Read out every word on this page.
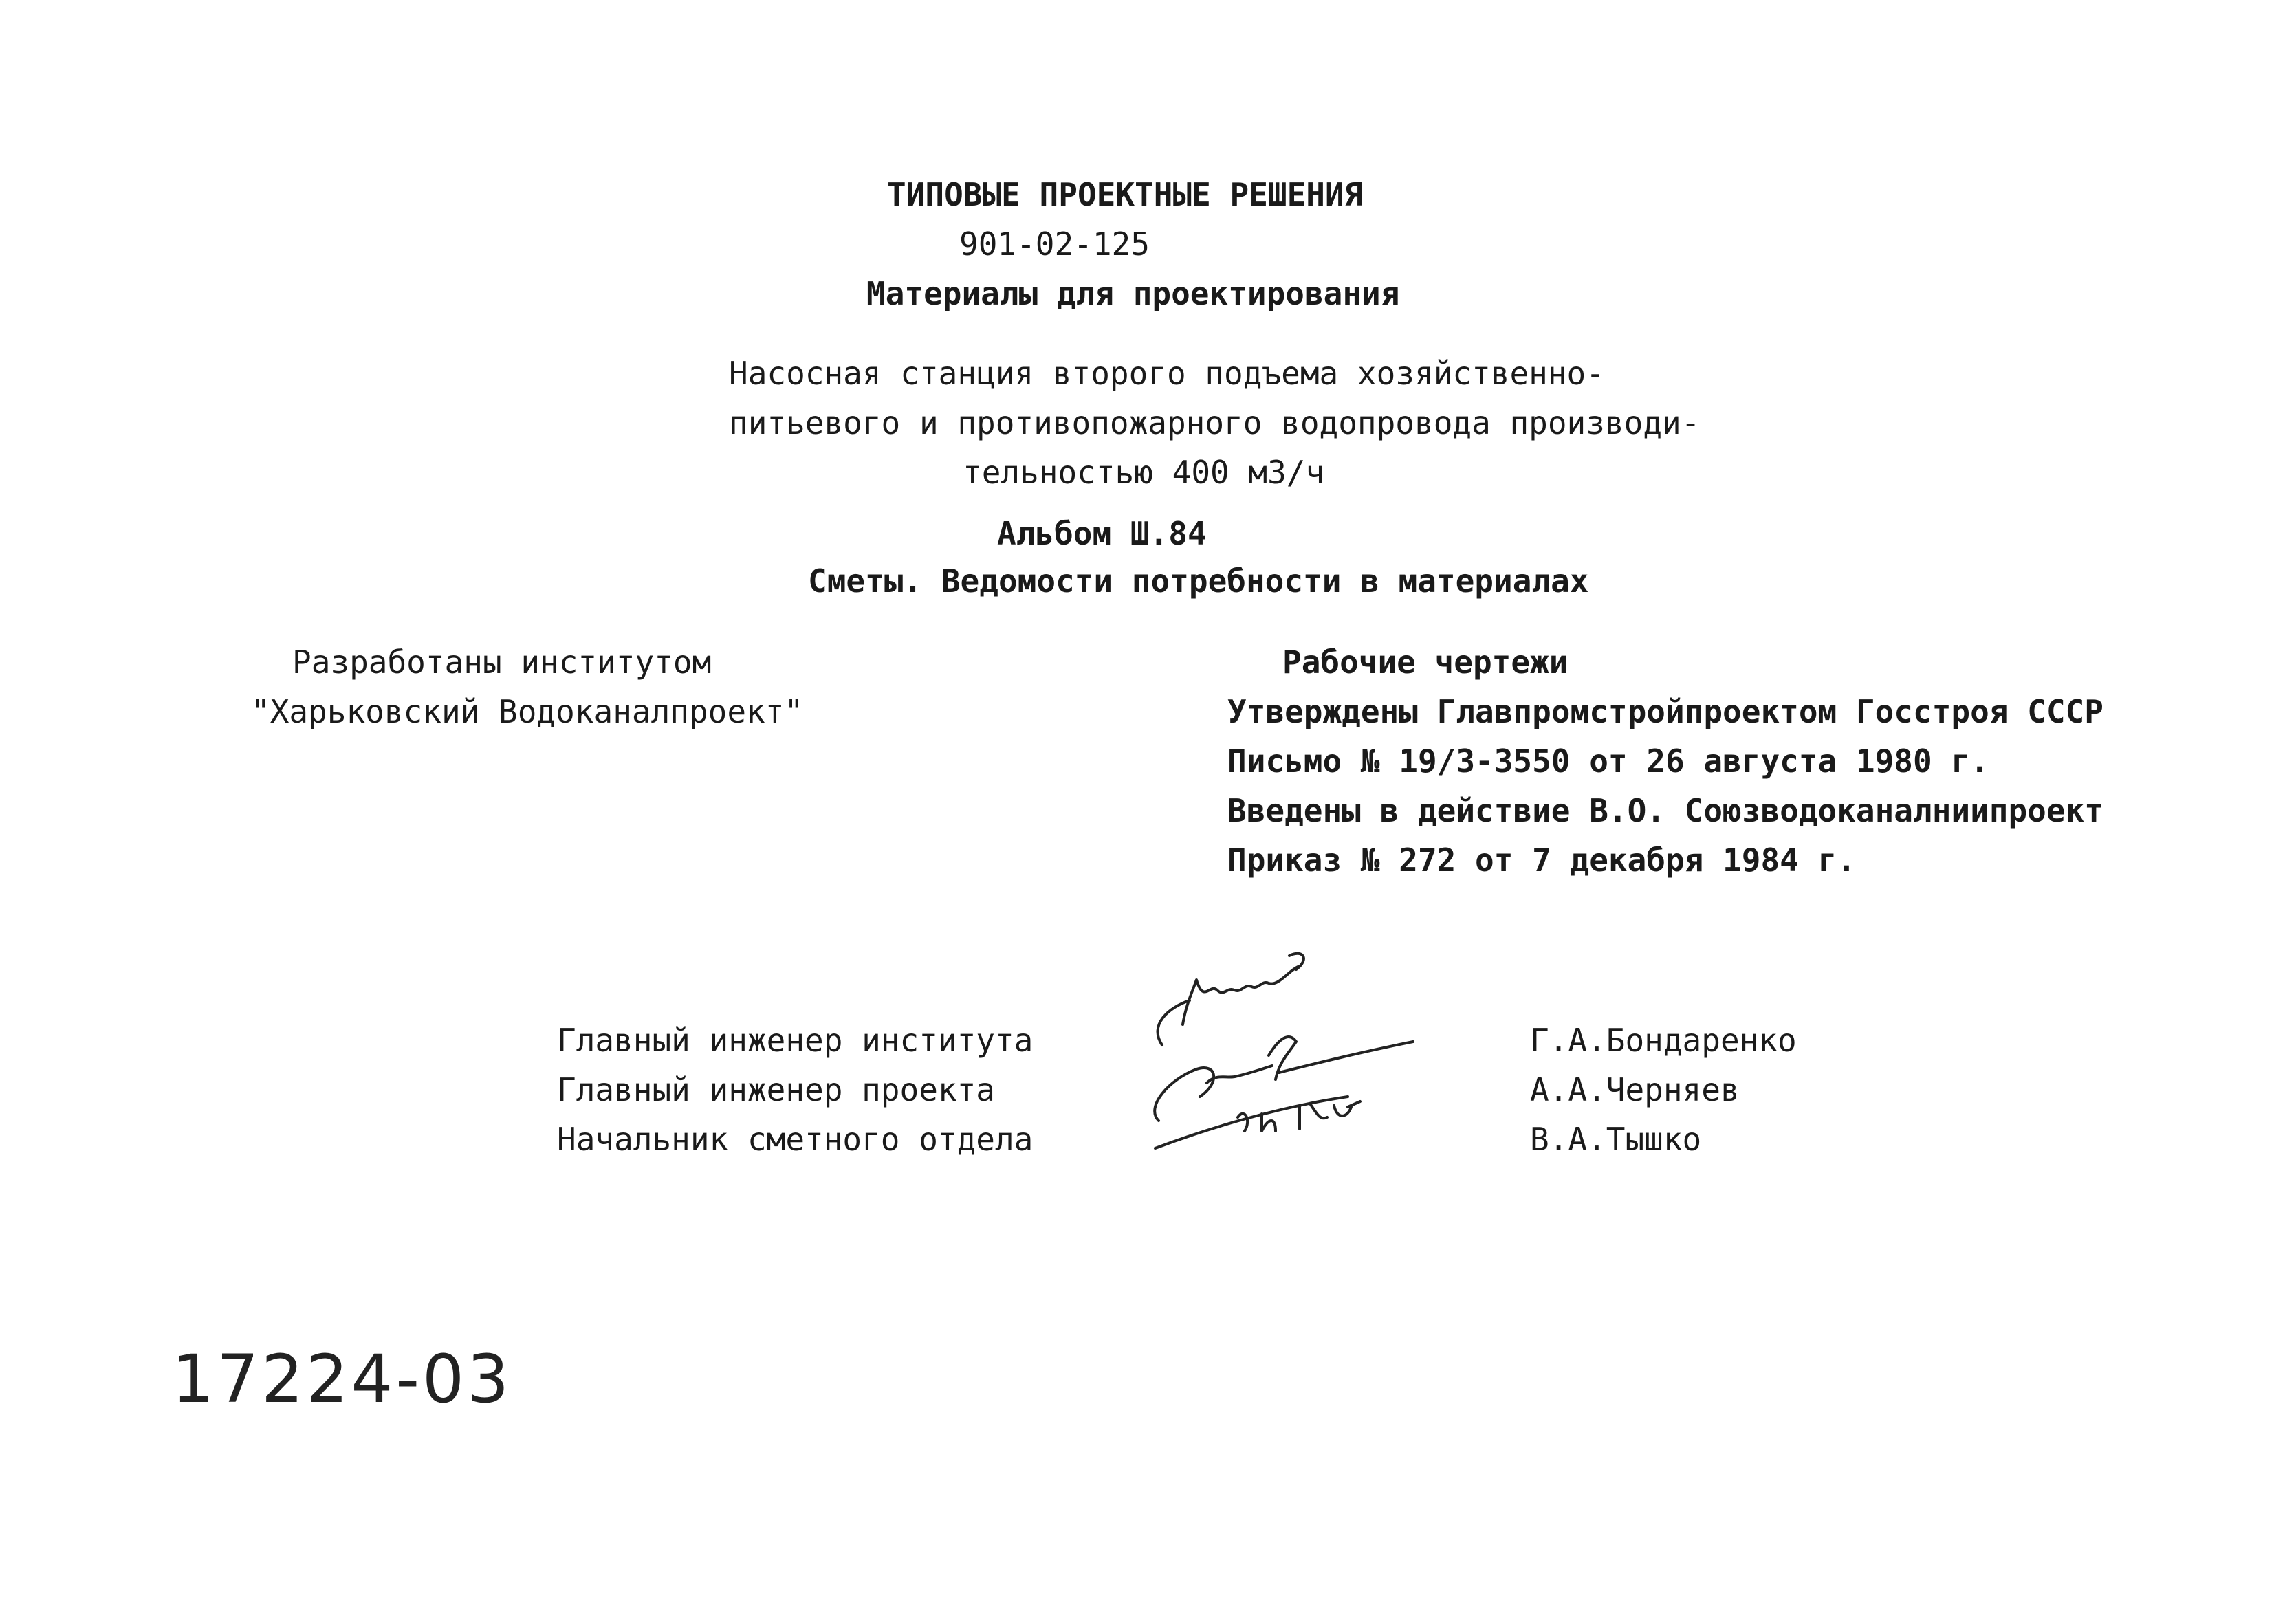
ТИПОВЫЕ ПРОЕКТНЫЕ РЕШЕНИЯ
901-02-125
Материалы для проектирования
Насосная станция второго подъема хозяйственно-
питьевого и противопожарного водопровода производи-
тельностью 400 м3/ч
Альбом Ш.84
Сметы. Ведомости потребности в материалах
Разработаны институтом
"Харьковский Водоканалпроект"
Рабочие чертежи
Утверждены Главпромстройпроектом Госстроя СССР
Письмо № 19/3-3550 от 26 августа 1980 г.
Введены в действие В.О. Союзводоканалниипроект
Приказ № 272 от 7 декабря 1984 г.
Главный инженер института
Главный инженер проекта
Начальник сметного отдела
Г.А.Бондаренко
А.А.Черняев
В.А.Тышко
17224-03
